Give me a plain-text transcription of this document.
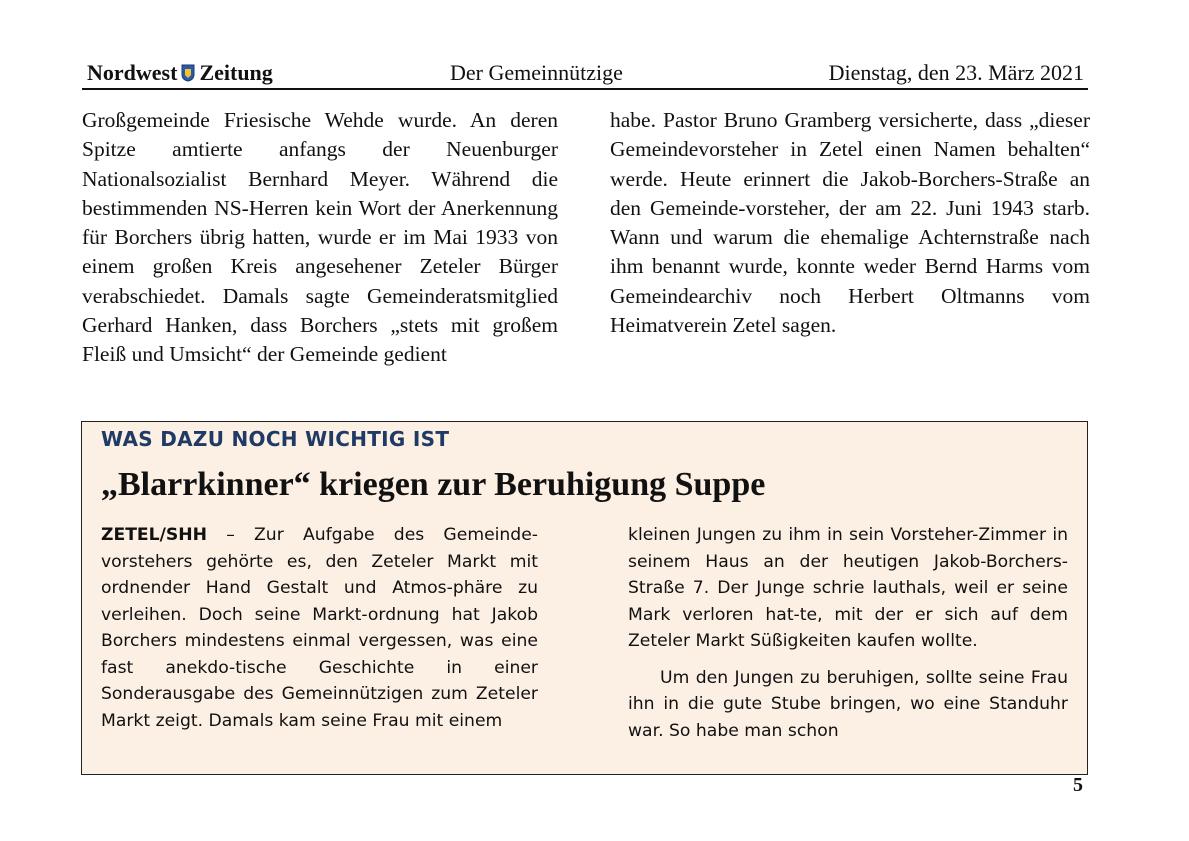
Nordwest Zeitung	Der Gemeinnützige	Dienstag, den 23. März 2021

Großgemeinde Friesische Wehde wurde. An deren Spitze amtierte anfangs der Neuenburger Nationalsozialist Bernhard Meyer. Während die bestimmenden NS-Herren kein Wort der Anerkennung für Borchers übrig hatten, wurde er im Mai 1933 von einem großen Kreis angesehener Zeteler Bürger verabschiedet. Damals sagte Gemeinderatsmitglied Gerhard Hanken, dass Borchers „stets mit großem Fleiß und Umsicht“ der Gemeinde gedient

habe. Pastor Bruno Gramberg versicherte, dass „dieser Gemeindevorsteher in Zetel einen Namen behalten“ werde. Heute erinnert die Jakob-Borchers-Straße an den Gemeinde-vorsteher, der am 22. Juni 1943 starb. Wann und warum die ehemalige Achternstraße nach ihm benannt wurde, konnte weder Bernd Harms vom Gemeindearchiv noch Herbert Oltmanns vom Heimatverein Zetel sagen.

WAS DAZU NOCH WICHTIG IST
„Blarrkinner“ kriegen zur Beruhigung Suppe

ZETEL/SHH – Zur Aufgabe des Gemeinde-vorstehers gehörte es, den Zeteler Markt mit ordnender Hand Gestalt und Atmos-phäre zu verleihen. Doch seine Markt-ordnung hat Jakob Borchers mindestens einmal vergessen, was eine fast anekdo-tische Geschichte in einer Sonderausgabe des Gemeinnützigen zum Zeteler Markt zeigt. Damals kam seine Frau mit einem

kleinen Jungen zu ihm in sein Vorsteher-Zimmer in seinem Haus an der heutigen Jakob-Borchers-Straße 7. Der Junge schrie lauthals, weil er seine Mark verloren hat-te, mit der er sich auf dem Zeteler Markt Süßigkeiten kaufen wollte.

Um den Jungen zu beruhigen, sollte seine Frau ihn in die gute Stube bringen, wo eine Standuhr war. So habe man schon

5
